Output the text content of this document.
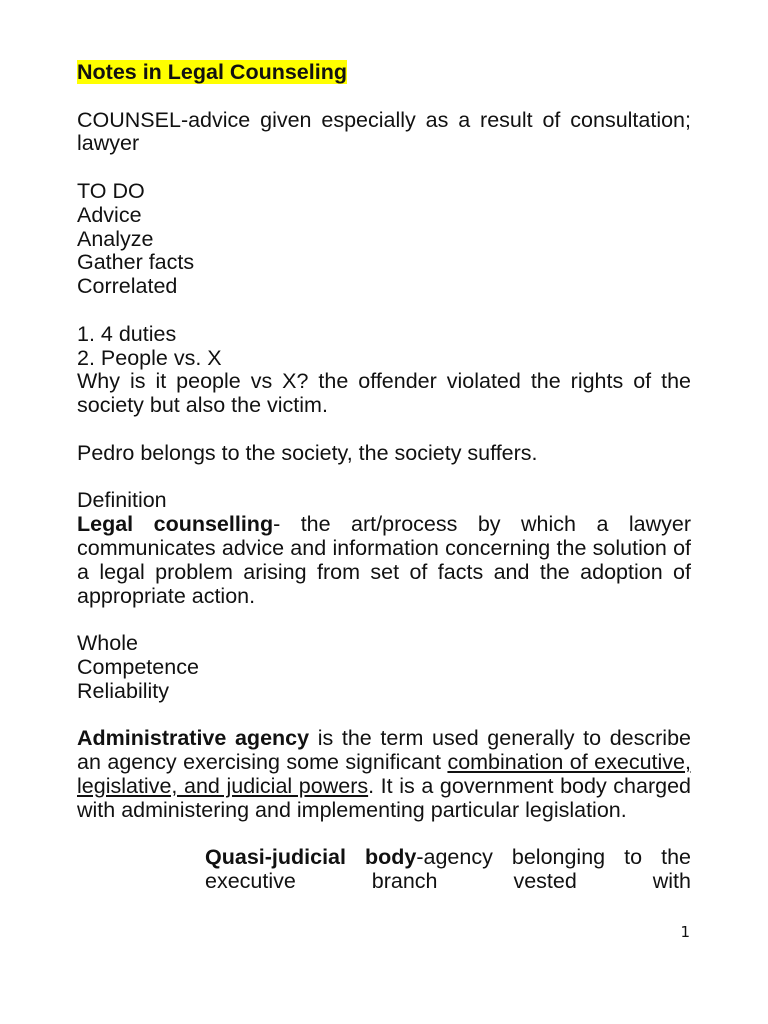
Notes in Legal Counseling

COUNSEL-advice given especially as a result of consultation; lawyer

TO DO

Advice

Analyze

Gather facts

Correlated

1. 4 duties

2. People vs. X

Why is it people vs X? the offender violated the rights of the society but also the victim.

Pedro belongs to the society, the society suffers.

Definition

Legal counselling- the art/process by which a lawyer communicates advice and information concerning the solution of a legal problem arising from set of facts and the adoption of appropriate action.

Whole

Competence

Reliability

Administrative agency is the term used generally to describe an agency exercising some significant combination of executive, legislative, and judicial powers. It is a government body charged with administering and implementing particular legislation.

Quasi-judicial body-agency belonging to the executive branch vested with

1
